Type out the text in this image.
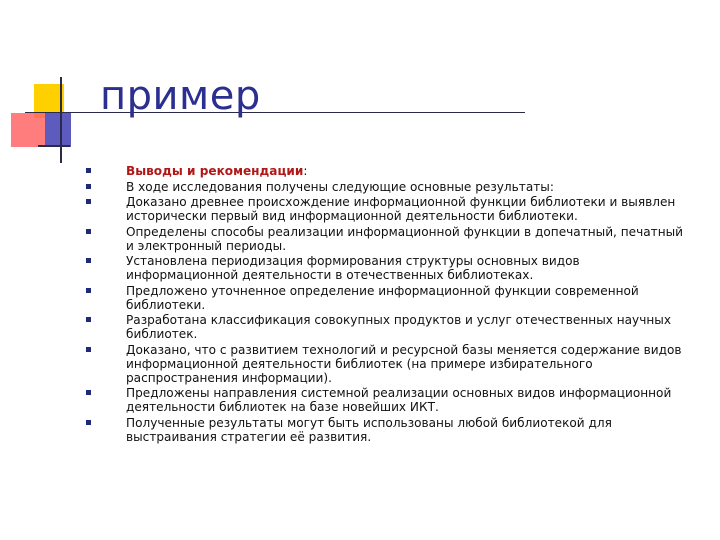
пример
Выводы и рекомендации:
В ходе исследования получены следующие основные результаты:
Доказано древнее происхождение информационной функции библиотеки и выявлен исторически первый вид информационной деятельности библиотеки.
Определены способы реализации информационной функции в допечатный, печатный и электронный периоды.
Установлена периодизация формирования структуры основных видов информационной деятельности в отечественных библиотеках.
Предложено уточненное определение информационной функции современной библиотеки.
Разработана классификация совокупных продуктов и услуг отечественных научных библиотек.
Доказано, что с развитием технологий и ресурсной базы меняется содержание видов информационной деятельности библиотек (на примере избирательного распространения информации).
Предложены направления системной реализации основных видов информационной деятельности библиотек на базе новейших ИКТ.
Полученные результаты могут быть использованы любой библиотекой для выстраивания стратегии её развития.
